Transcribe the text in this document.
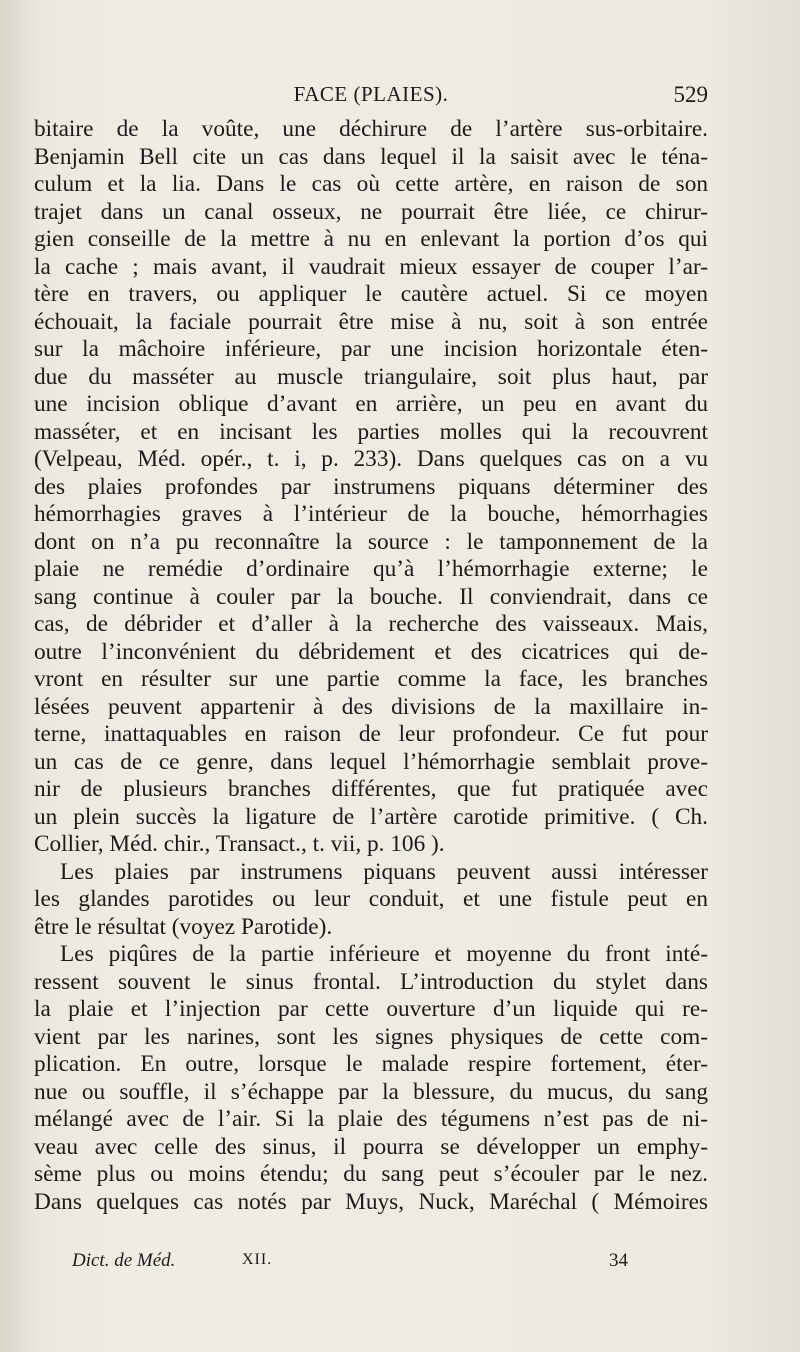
FACE (PLAIES).	529
bitaire de la voûte, une déchirure de l’artère sus-orbitaire.
Benjamin Bell cite un cas dans lequel il la saisit avec le téna-
culum et la lia. Dans le cas où cette artère, en raison de son
trajet dans un canal osseux, ne pourrait être liée, ce chirur-
gien conseille de la mettre à nu en enlevant la portion d’os qui
la cache ; mais avant, il vaudrait mieux essayer de couper l’ar-
tère en travers, ou appliquer le cautère actuel. Si ce moyen
échouait, la faciale pourrait être mise à nu, soit à son entrée
sur la mâchoire inférieure, par une incision horizontale éten-
due du masséter au muscle triangulaire, soit plus haut, par
une incision oblique d’avant en arrière, un peu en avant du
masséter, et en incisant les parties molles qui la recouvrent
(Velpeau, Méd. opér., t. i, p. 233). Dans quelques cas on a vu
des plaies profondes par instrumens piquans déterminer des
hémorrhagies graves à l’intérieur de la bouche, hémorrhagies
dont on n’a pu reconnaître la source : le tamponnement de la
plaie ne remédie d’ordinaire qu’à l’hémorrhagie externe; le
sang continue à couler par la bouche. Il conviendrait, dans ce
cas, de débrider et d’aller à la recherche des vaisseaux. Mais,
outre l’inconvénient du débridement et des cicatrices qui de-
vront en résulter sur une partie comme la face, les branches
lésées peuvent appartenir à des divisions de la maxillaire in-
terne, inattaquables en raison de leur profondeur. Ce fut pour
un cas de ce genre, dans lequel l’hémorrhagie semblait prove-
nir de plusieurs branches différentes, que fut pratiquée avec
un plein succès la ligature de l’artère carotide primitive. ( Ch.
Collier, Méd. chir., Transact., t. vii, p. 106 ).
Les plaies par instrumens piquans peuvent aussi intéresser
les glandes parotides ou leur conduit, et une fistule peut en
être le résultat (voyez Parotide).
Les piqûres de la partie inférieure et moyenne du front inté-
ressent souvent le sinus frontal. L’introduction du stylet dans
la plaie et l’injection par cette ouverture d’un liquide qui re-
vient par les narines, sont les signes physiques de cette com-
plication. En outre, lorsque le malade respire fortement, éter-
nue ou souffle, il s’échappe par la blessure, du mucus, du sang
mélangé avec de l’air. Si la plaie des tégumens n’est pas de ni-
veau avec celle des sinus, il pourra se développer un emphy-
sème plus ou moins étendu; du sang peut s’écouler par le nez.
Dans quelques cas notés par Muys, Nuck, Maréchal ( Mémoires
Dict. de Méd.	XII.	34
